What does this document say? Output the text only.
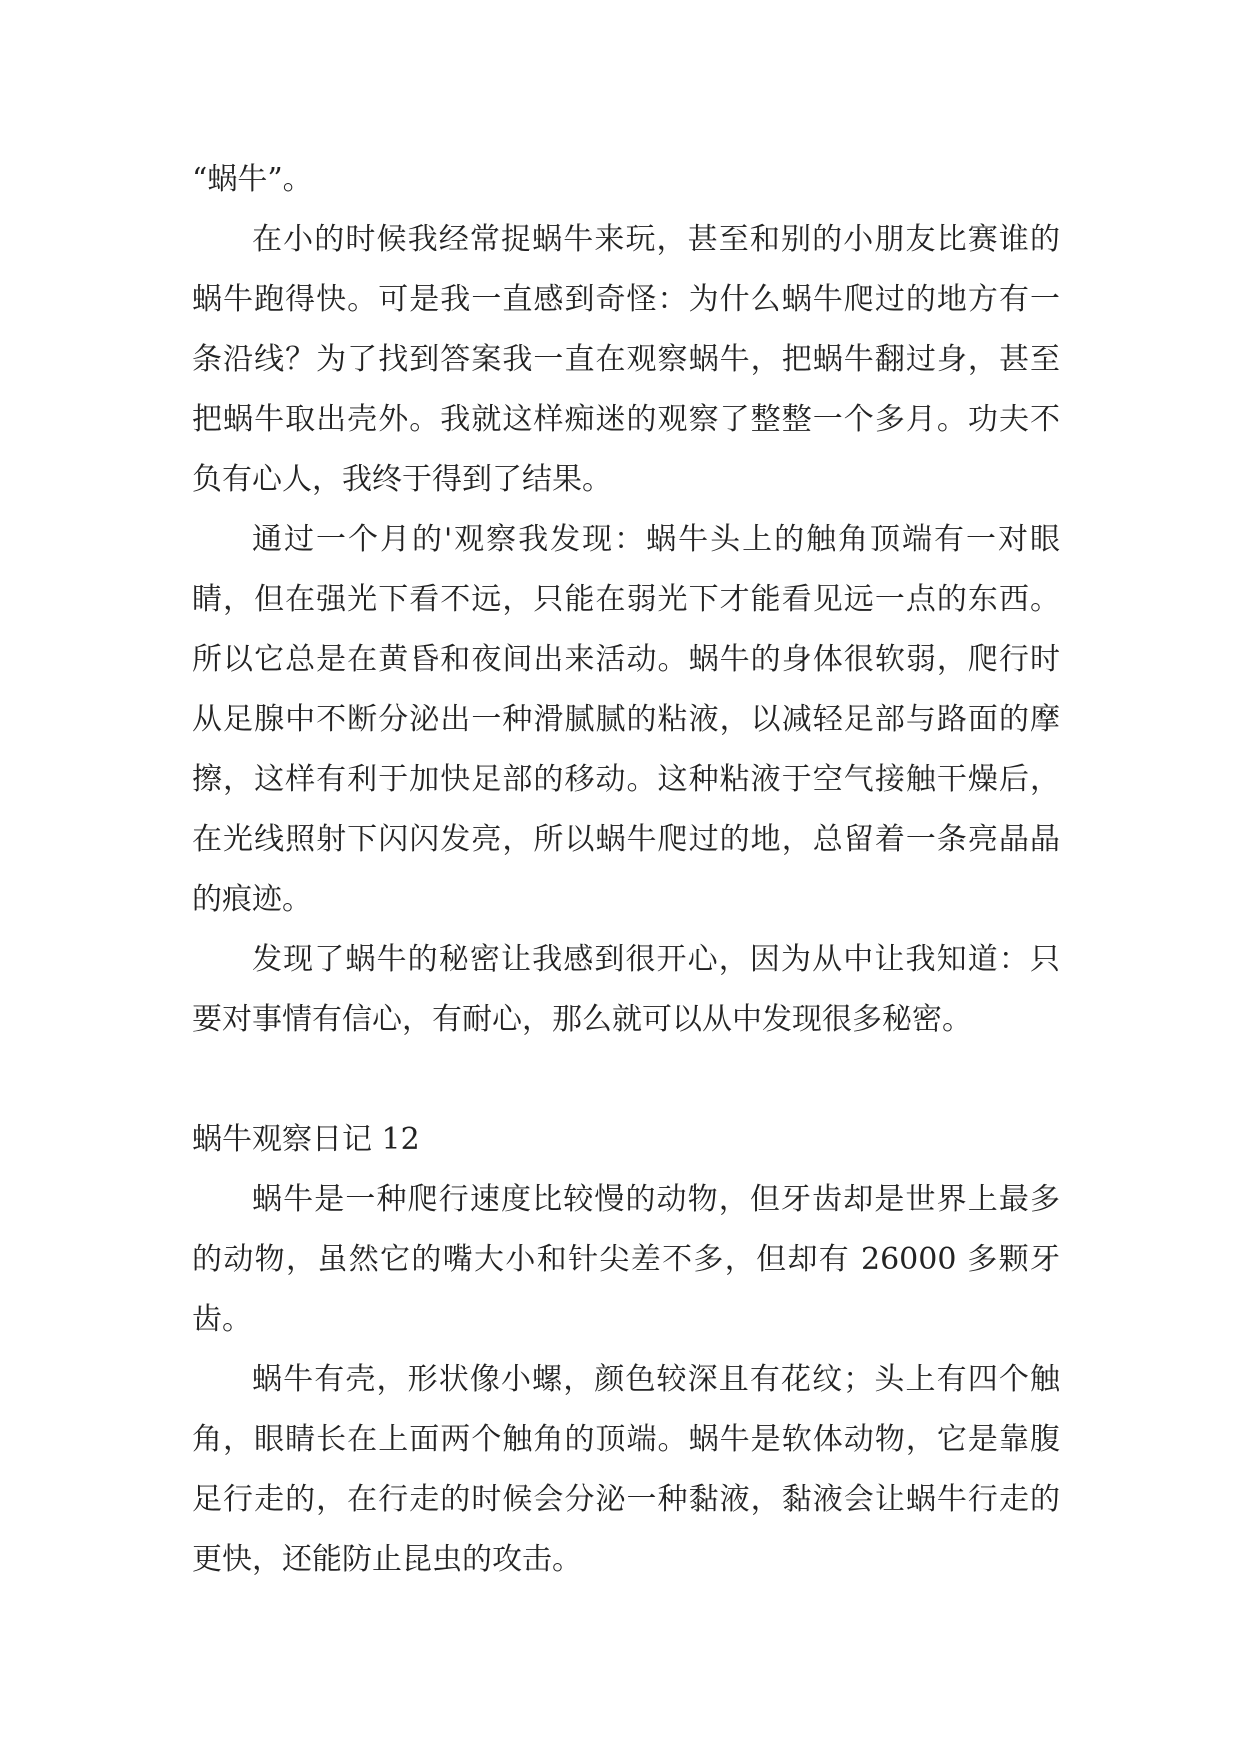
“蜗牛”。

在小的时候我经常捉蜗牛来玩，甚至和别的小朋友比赛谁的蜗牛跑得快。可是我一直感到奇怪：为什么蜗牛爬过的地方有一条沿线？为了找到答案我一直在观察蜗牛，把蜗牛翻过身，甚至把蜗牛取出壳外。我就这样痴迷的观察了整整一个多月。功夫不负有心人，我终于得到了结果。

通过一个月的'观察我发现：蜗牛头上的触角顶端有一对眼睛，但在强光下看不远，只能在弱光下才能看见远一点的东西。所以它总是在黄昏和夜间出来活动。蜗牛的身体很软弱，爬行时从足腺中不断分泌出一种滑腻腻的粘液，以减轻足部与路面的摩擦，这样有利于加快足部的移动。这种粘液于空气接触干燥后，在光线照射下闪闪发亮，所以蜗牛爬过的地，总留着一条亮晶晶的痕迹。

发现了蜗牛的秘密让我感到很开心，因为从中让我知道：只要对事情有信心，有耐心，那么就可以从中发现很多秘密。

蜗牛观察日记 12

蜗牛是一种爬行速度比较慢的动物，但牙齿却是世界上最多的动物，虽然它的嘴大小和针尖差不多，但却有 26000 多颗牙齿。

蜗牛有壳，形状像小螺，颜色较深且有花纹；头上有四个触角，眼睛长在上面两个触角的顶端。蜗牛是软体动物，它是靠腹足行走的，在行走的时候会分泌一种黏液，黏液会让蜗牛行走的更快，还能防止昆虫的攻击。
